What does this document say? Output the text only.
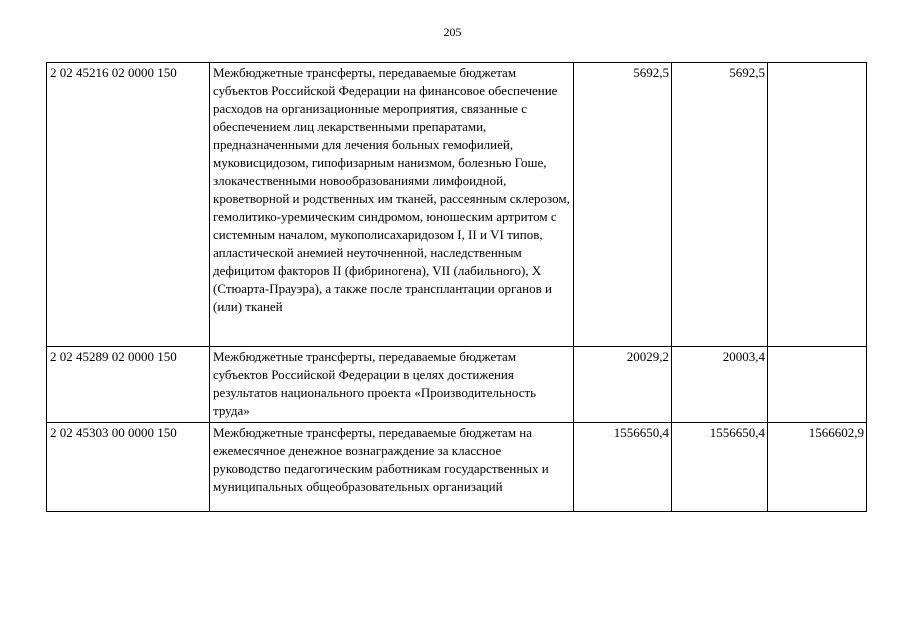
205
2 02 45216 02 0000 150	Межбюджетные трансферты, передаваемые бюджетам субъектов Российской Федерации на финансовое обеспечение расходов на организационные мероприятия, связанные с обеспечением лиц лекарственными препаратами, предназначенными для лечения больных гемофилией, муковисцидозом, гипофизарным нанизмом, болезнью Гоше, злокачественными новообразованиями лимфоидной, кроветворной и родственных им тканей, рассеянным склерозом, гемолитико-уремическим синдромом, юношеским артритом с системным началом, мукополисахаридозом I, II и VI типов, апластической анемией неуточненной, наследственным дефицитом факторов II (фибриногена), VII (лабильного), X (Стюарта-Прауэра), а также после трансплантации органов и (или) тканей	5692,5	5692,5	
2 02 45289 02 0000 150	Межбюджетные трансферты, передаваемые бюджетам субъектов Российской Федерации в целях достижения результатов национального проекта «Производительность труда»	20029,2	20003,4	
2 02 45303 00 0000 150	Межбюджетные трансферты, передаваемые бюджетам на ежемесячное денежное вознаграждение за классное руководство педагогическим работникам государственных и муниципальных общеобразовательных организаций	1556650,4	1556650,4	1566602,9
